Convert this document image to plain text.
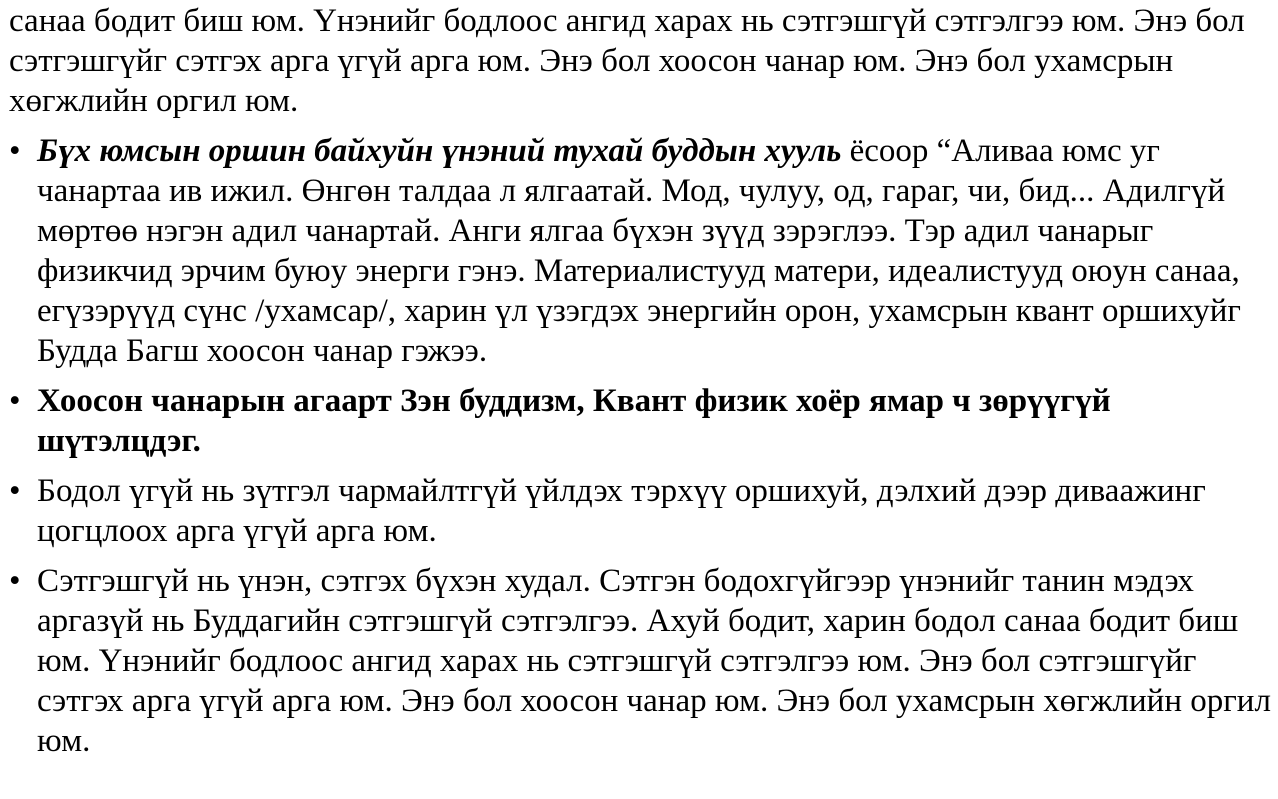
санаа бодит биш юм. Үнэнийг бодлоос ангид харах нь сэтгэшгүй сэтгэлгээ юм. Энэ бол сэтгэшгүйг сэтгэх арга үгүй арга юм. Энэ бол хоосон чанар юм. Энэ бол ухамсрын хөгжлийн оргил юм.

• Бүх юмсын оршин байхуйн үнэний тухай буддын хууль ёсоор “Аливаа юмс уг чанартаа ив ижил. Өнгөн талдаа л ялгаатай. Мод, чулуу, од, гараг, чи, бид... Адилгүй мөртөө нэгэн адил чанартай. Анги ялгаа бүхэн зүүд зэрэглээ. Тэр адил чанарыг физикчид эрчим буюу энерги гэнэ. Материалистууд матери, идеалистууд оюун санаа, егүзэрүүд сүнс /ухамсар/, харин үл үзэгдэх энергийн орон, ухамсрын квант оршихуйг Будда Багш хоосон чанар гэжээ.
• Хоосон чанарын агаарт Зэн буддизм, Квант физик хоёр ямар ч зөрүүгүй шүтэлцдэг.
• Бодол үгүй нь зүтгэл чармайлтгүй үйлдэх тэрхүү оршихуй, дэлхий дээр диваажинг цогцлоох арга үгүй арга юм.
• Сэтгэшгүй нь үнэн, сэтгэх бүхэн худал. Сэтгэн бодохгүйгээр үнэнийг танин мэдэх аргазүй нь Буддагийн сэтгэшгүй сэтгэлгээ. Ахуй бодит, харин бодол санаа бодит биш юм. Үнэнийг бодлоос ангид харах нь сэтгэшгүй сэтгэлгээ юм. Энэ бол сэтгэшгүйг сэтгэх арга үгүй арга юм. Энэ бол хоосон чанар юм. Энэ бол ухамсрын хөгжлийн оргил юм.
